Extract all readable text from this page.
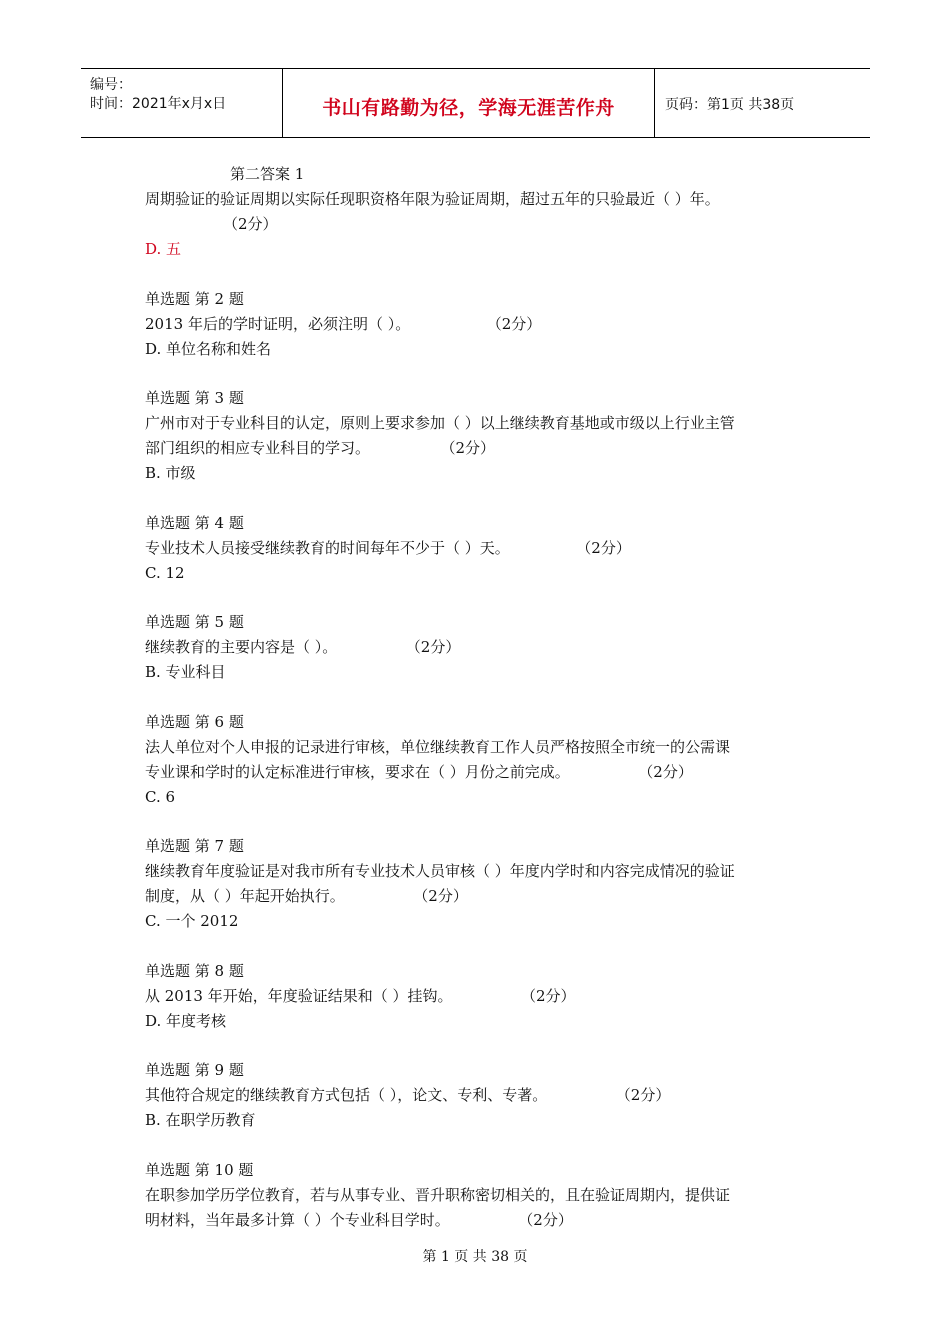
编号：
时间：2021年x月x日	书山有路勤为径，学海无涯苦作舟	页码：第1页 共38页
第二答案 1
周期验证的验证周期以实际任现职资格年限为验证周期，超过五年的只验最近（ ）年。
（2分）
D. 五
单选题 第 2 题
2013 年后的学时证明，必须注明（ ）。	（2分）
D. 单位名称和姓名
单选题 第 3 题
广州市对于专业科目的认定，原则上要求参加（ ）以上继续教育基地或市级以上行业主管
部门组织的相应专业科目的学习。	（2分）
B. 市级
单选题 第 4 题
专业技术人员接受继续教育的时间每年不少于（ ）天。	（2分）
C. 12
单选题 第 5 题
继续教育的主要内容是（ ）。	（2分）
B. 专业科目
单选题 第 6 题
法人单位对个人申报的记录进行审核，单位继续教育工作人员严格按照全市统一的公需课
专业课和学时的认定标准进行审核，要求在（ ）月份之前完成。	（2分）
C. 6
单选题 第 7 题
继续教育年度验证是对我市所有专业技术人员审核（ ）年度内学时和内容完成情况的验证
制度，从（ ）年起开始执行。	（2分）
C. 一个 2012
单选题 第 8 题
从 2013 年开始，年度验证结果和（ ）挂钩。	（2分）
D. 年度考核
单选题 第 9 题
其他符合规定的继续教育方式包括（ ），论文、专利、专著。	（2分）
B. 在职学历教育
单选题 第 10 题
在职参加学历学位教育，若与从事专业、晋升职称密切相关的，且在验证周期内，提供证
明材料，当年最多计算（ ）个专业科目学时。	（2分）
第 1 页 共 38 页
